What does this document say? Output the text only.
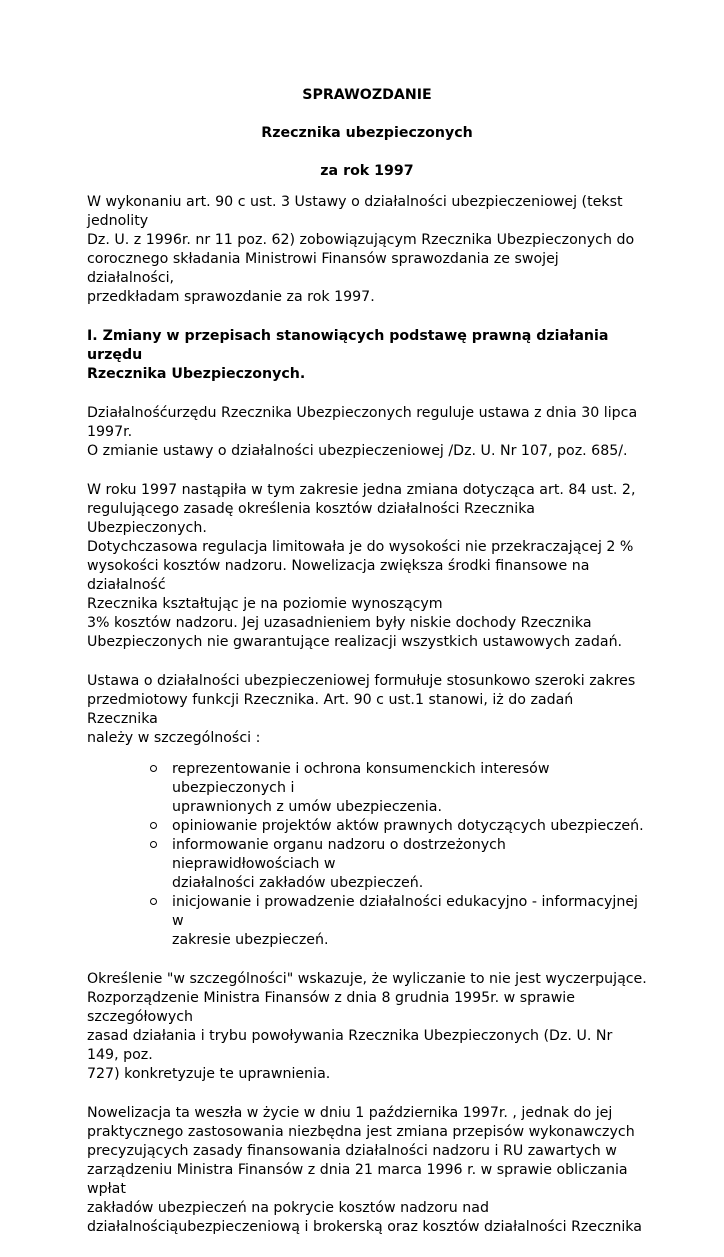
SPRAWOZDANIE

Rzecznika ubezpieczonych

za rok 1997

W wykonaniu art. 90 c ust. 3 Ustawy o działalności ubezpieczeniowej (tekst jednolity
Dz. U. z 1996r. nr 11 poz. 62) zobowiązującym Rzecznika Ubezpieczonych do
corocznego składania Ministrowi Finansów sprawozdania ze swojej działalności,
przedkładam sprawozdanie za rok 1997.

I. Zmiany w przepisach stanowiących podstawę prawną działania urzędu
Rzecznika Ubezpieczonych.

Działalnośćurzędu Rzecznika Ubezpieczonych reguluje ustawa z dnia 30 lipca 1997r.
O zmianie ustawy o działalności ubezpieczeniowej /Dz. U. Nr 107, poz. 685/.

W roku 1997 nastąpiła w tym zakresie jedna zmiana dotycząca art. 84 ust. 2,
regulującego zasadę określenia kosztów działalności Rzecznika Ubezpieczonych.
Dotychczasowa regulacja limitowała je do wysokości nie przekraczającej 2 %
wysokości kosztów nadzoru. Nowelizacja zwiększa środki finansowe na działalność
Rzecznika kształtując je na poziomie wynoszącym
3% kosztów nadzoru. Jej uzasadnieniem były niskie dochody Rzecznika
Ubezpieczonych nie gwarantujące realizacji wszystkich ustawowych zadań.

Ustawa o działalności ubezpieczeniowej formułuje stosunkowo szeroki zakres
przedmiotowy funkcji Rzecznika. Art. 90 c ust.1 stanowi, iż do zadań Rzecznika
należy w szczególności :

reprezentowanie i ochrona konsumenckich interesów ubezpieczonych i
uprawnionych z umów ubezpieczenia.
opiniowanie projektów aktów prawnych dotyczących ubezpieczeń.
informowanie organu nadzoru o dostrzeżonych nieprawidłowościach w
działalności zakładów ubezpieczeń.
inicjowanie i prowadzenie działalności edukacyjno - informacyjnej w
zakresie ubezpieczeń.

Określenie "w szczególności" wskazuje, że wyliczanie to nie jest wyczerpujące.
Rozporządzenie Ministra Finansów z dnia 8 grudnia 1995r. w sprawie szczegółowych
zasad działania i trybu powoływania Rzecznika Ubezpieczonych (Dz. U. Nr 149, poz.
727) konkretyzuje te uprawnienia.

Nowelizacja ta weszła w życie w dniu 1 października 1997r. , jednak do jej
praktycznego zastosowania niezbędna jest zmiana przepisów wykonawczych
precyzujących zasady finansowania działalności nadzoru i RU zawartych w
zarządzeniu Ministra Finansów z dnia 21 marca 1996 r. w sprawie obliczania wpłat
zakładów ubezpieczeń na pokrycie kosztów nadzoru nad
działalnościąubezpieczeniową i brokerską oraz kosztów działalności Rzecznika
